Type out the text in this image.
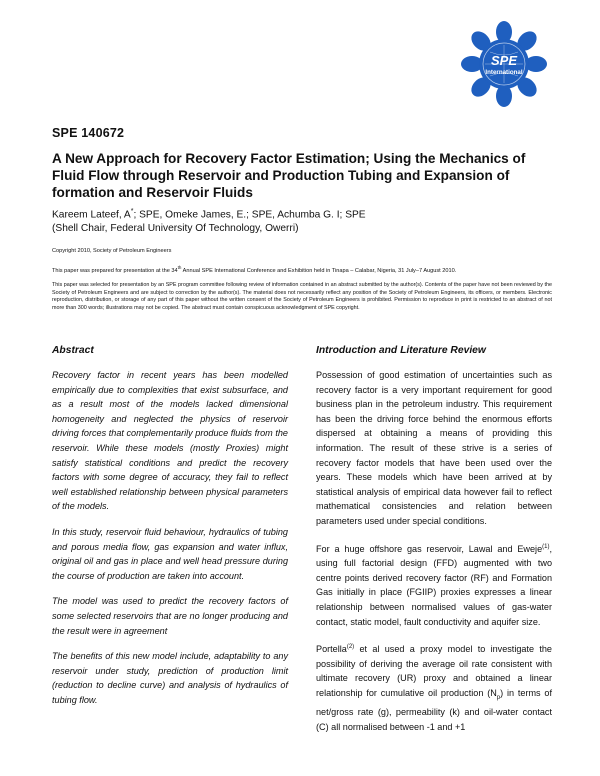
SPE
International
SPE 140672
A New Approach for Recovery Factor Estimation; Using the Mechanics of Fluid Flow through Reservoir and Production Tubing and Expansion of formation and Reservoir Fluids
Kareem Lateef, A*; SPE, Omeke James, E.; SPE, Achumba G. I; SPE
(Shell Chair, Federal University Of Technology, Owerri)
Copyright 2010, Society of Petroleum Engineers
This paper was prepared for presentation at the 34th Annual SPE International Conference and Exhibition held in Tinapa – Calabar, Nigeria, 31 July–7 August 2010.
This paper was selected for presentation by an SPE program committee following review of information contained in an abstract submitted by the author(s). Contents of the paper have not been reviewed by the Society of Petroleum Engineers and are subject to correction by the author(s). The material does not necessarily reflect any position of the Society of Petroleum Engineers, its officers, or members. Electronic reproduction, distribution, or storage of any part of this paper without the written consent of the Society of Petroleum Engineers is prohibited. Permission to reproduce in print is restricted to an abstract of not more than 300 words; illustrations may not be copied. The abstract must contain conspicuous acknowledgment of SPE copyright.
Abstract

Recovery factor in recent years has been modelled empirically due to complexities that exist subsurface, and as a result most of the models lacked dimensional homogeneity and neglected the physics of reservoir driving forces that complementarily produce fluids from the reservoir. While these models (mostly Proxies) might satisfy statistical conditions and predict the recovery factors with some degree of accuracy, they fail to reflect well established relationship between physical parameters of the models.

In this study, reservoir fluid behaviour, hydraulics of tubing and porous media flow, gas expansion and water influx, original oil and gas in place and well head pressure during the course of production are taken into account.

The model was used to predict the recovery factors of some selected reservoirs that are no longer producing and the result were in agreement

The benefits of this new model include, adaptability to any reservoir under study, prediction of production limit (reduction to decline curve) and analysis of hydraulics of tubing flow.

Introduction and Literature Review

Possession of good estimation of uncertainties such as recovery factor is a very important requirement for good business plan in the petroleum industry. This requirement has been the driving force behind the enormous efforts dispersed at obtaining a means of providing this information. The result of these strive is a series of recovery factor models that have been used over the years. These models which have been arrived at by statistical analysis of empirical data however fail to reflect mathematical consistencies and relation between parameters used under special conditions.

For a huge offshore gas reservoir, Lawal and Eweje$^{(1)}$, using full factorial design (FFD) augmented with two centre points derived recovery factor (RF) and Formation Gas initially in place (FGIIP) proxies expresses a linear relationship between normalised values of gas-water contact, static model, fault conductivity and aquifer size.

Portella$^{(2)}$ et al used a proxy model to investigate the possibility of deriving the average oil rate consistent with ultimate recovery (UR) proxy and obtained a linear relationship for cumulative oil production $(N_p)$ in terms of net/gross rate (g), permeability (k) and oil-water contact (C) all normalised between -1 and +1
